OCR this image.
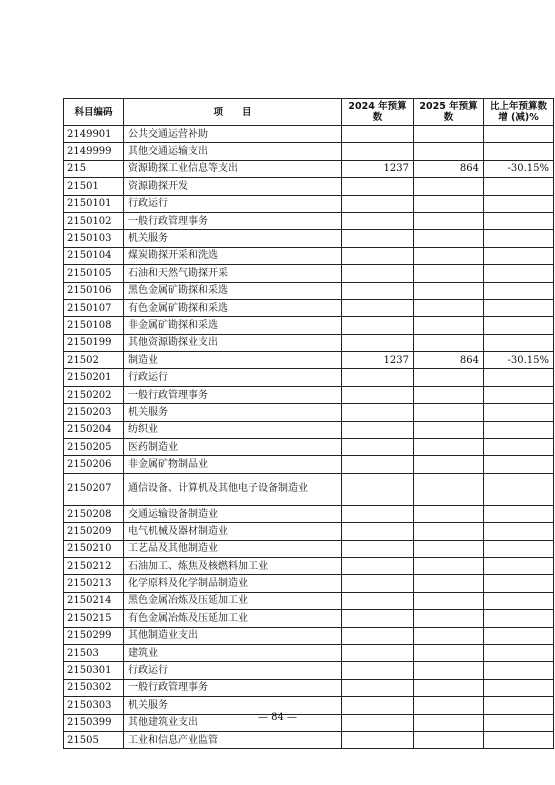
科目编码	项　　目	2024 年预算数	2025 年预算数	比上年预算数增 (减)%
2149901	公共交通运营补助			
2149999	其他交通运输支出			
215	资源勘探工业信息等支出	1237	864	-30.15%
21501	资源勘探开发			
2150101	行政运行			
2150102	一般行政管理事务			
2150103	机关服务			
2150104	煤炭勘探开采和洗选			
2150105	石油和天然气勘探开采			
2150106	黑色金属矿勘探和采选			
2150107	有色金属矿勘探和采选			
2150108	非金属矿勘探和采选			
2150199	其他资源勘探业支出			
21502	制造业	1237	864	-30.15%
2150201	行政运行			
2150202	一般行政管理事务			
2150203	机关服务			
2150204	纺织业			
2150205	医药制造业			
2150206	非金属矿物制品业			
2150207	通信设备、计算机及其他电子设备制造业			
2150208	交通运输设备制造业			
2150209	电气机械及器材制造业			
2150210	工艺品及其他制造业			
2150212	石油加工、炼焦及核燃料加工业			
2150213	化学原料及化学制品制造业			
2150214	黑色金属冶炼及压延加工业			
2150215	有色金属冶炼及压延加工业			
2150299	其他制造业支出			
21503	建筑业			
2150301	行政运行			
2150302	一般行政管理事务			
2150303	机关服务			
2150399	其他建筑业支出			
21505	工业和信息产业监管			
— 84 —
